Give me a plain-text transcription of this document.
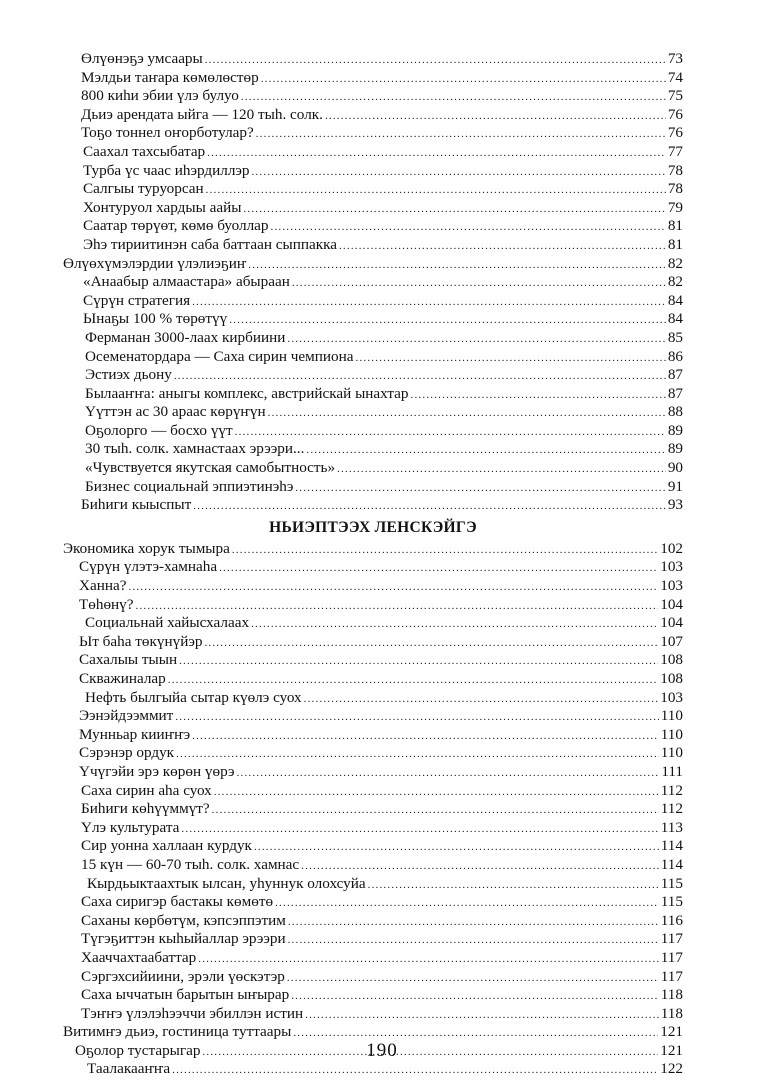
Өлүөнэҕэ умсаары .....	73
Мэлдьи таҥара көмөлөстөр .....	74
800 киһи эбии үлэ булуо .....	75
Дьиэ арендата ыйга — 120 тыһ. солк. .....	76
Тоҕо тоннел оҥорботулар? .....	76
Саахал тахсыбатар .....	77
Турба үс чаас иһэрдиллэр .....	78
Салгыы туруорсан .....	78
Хонтуруол хардыы аайы .....	79
Саатар төрүөт, көмө буоллар .....	81
Эһэ тириитинэн саба баттаан сыппакка .....	81
Өлүөхүмэлэрдии үлэлиэҕиҥ .....	82
«Анаабыр алмаастара» абыраан .....	82
Сүрүн стратегия .....	84
Ынаҕы 100 % төрөтүү .....	84
Ферманан 3000-лаах кирбиини .....	85
Осеменатордара — Саха сирин чемпиона .....	86
Эстиэх дьону .....	87
Былааҥҥа: аныгы комплекс, австрийскай ынахтар .....	87
Үүттэн ас 30 араас көрүҥүн .....	88
Оҕолорго — босхо үүт .....	89
30 тыһ. солк. хамнастаах эрээри... .....	89
«Чувствуется якутская самобытность» .....	90
Бизнес социальнай эппиэтинэһэ .....	91
Биһиги кыыспыт .....	93
НЬИЭПТЭЭХ ЛЕНСКЭЙГЭ
Экономика хорук тымыра .....	102
Сүрүн үлэтэ-хамнаһа .....	103
Ханна? .....	103
Төһөнү? .....	104
Социальнай хайысхалаах .....	104
Ыт баһа төкүнүйэр .....	107
Сахалыы тыын .....	108
Скважиналар .....	108
Нефть былгыйа сытар күөлэ суох .....	103
Ээнэйдээммит .....	110
Мунньар кииҥҥэ .....	110
Сэрэнэр ордук .....	110
Үчүгэйи эрэ көрөн үөрэ .....	111
Саха сирин аһа суох .....	112
Биһиги көһүүммүт? .....	112
Үлэ культурата .....	113
Сир уонна халлаан курдук .....	114
15 күн — 60-70 тыһ. солк. хамнас .....	114
Кырдьыктаахтык ылсан, уһуннук олохсуйа .....	115
Саха сиригэр бастакы көмөтө .....	115
Саханы көрбөтүм, кэпсэппэтим .....	116
Түгэҕиттэн кыһыйаллар эрээри .....	117
Хааччахтаабаттар .....	117
Сэргэхсийиини, эрэли үөскэтэр .....	117
Саха ыччатын барытын ыҥырар .....	118
Тэҥҥэ үлэлэһээччи эбиллэн истин .....	118
Витимҥэ дьиэ, гостиница туттаары .....	121
Оҕолор тустарыгар .....	121
Таалакааҥҥа .....	122
190
